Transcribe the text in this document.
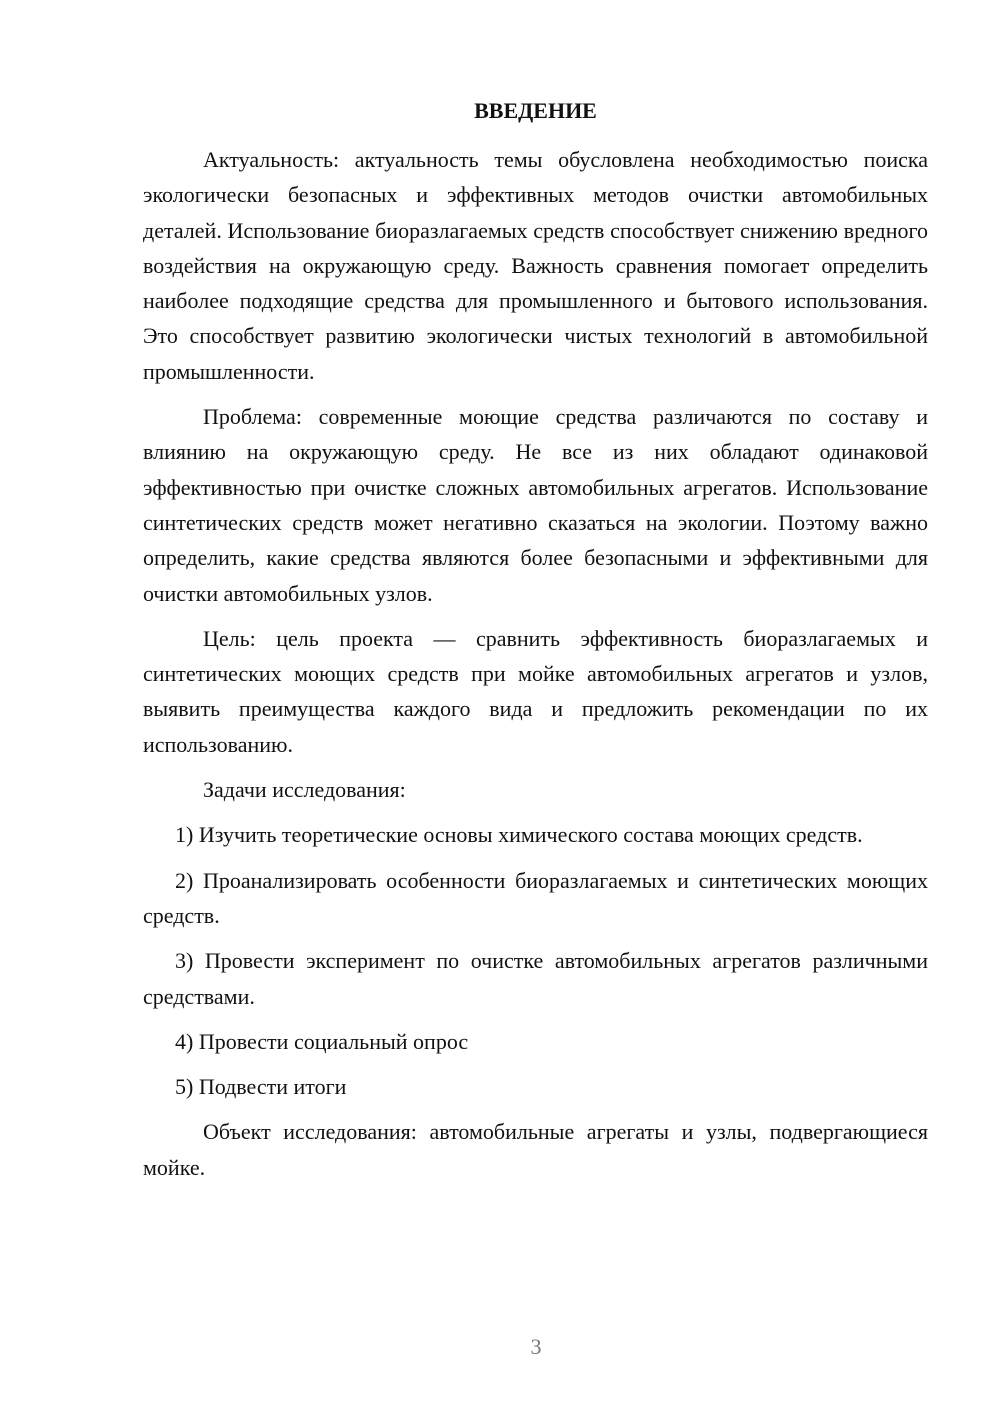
ВВЕДЕНИЕ

Актуальность: актуальность темы обусловлена необходимостью поиска экологически безопасных и эффективных методов очистки автомобильных деталей. Использование биоразлагаемых средств способствует снижению вредного воздействия на окружающую среду. Важность сравнения помогает определить наиболее подходящие средства для промышленного и бытового использования. Это способствует развитию экологически чистых технологий в автомобильной промышленности.

Проблема: современные моющие средства различаются по составу и влиянию на окружающую среду. Не все из них обладают одинаковой эффективностью при очистке сложных автомобильных агрегатов. Использование синтетических средств может негативно сказаться на экологии. Поэтому важно определить, какие средства являются более безопасными и эффективными для очистки автомобильных узлов.

Цель: цель проекта — сравнить эффективность биоразлагаемых и синтетических моющих средств при мойке автомобильных агрегатов и узлов, выявить преимущества каждого вида и предложить рекомендации по их использованию.

Задачи исследования:

1) Изучить теоретические основы химического состава моющих средств.

2) Проанализировать особенности биоразлагаемых и синтетических моющих средств.

3) Провести эксперимент по очистке автомобильных агрегатов различными средствами.

4) Провести социальный опрос

5) Подвести итоги

Объект исследования: автомобильные агрегаты и узлы, подвергающиеся мойке.

3
